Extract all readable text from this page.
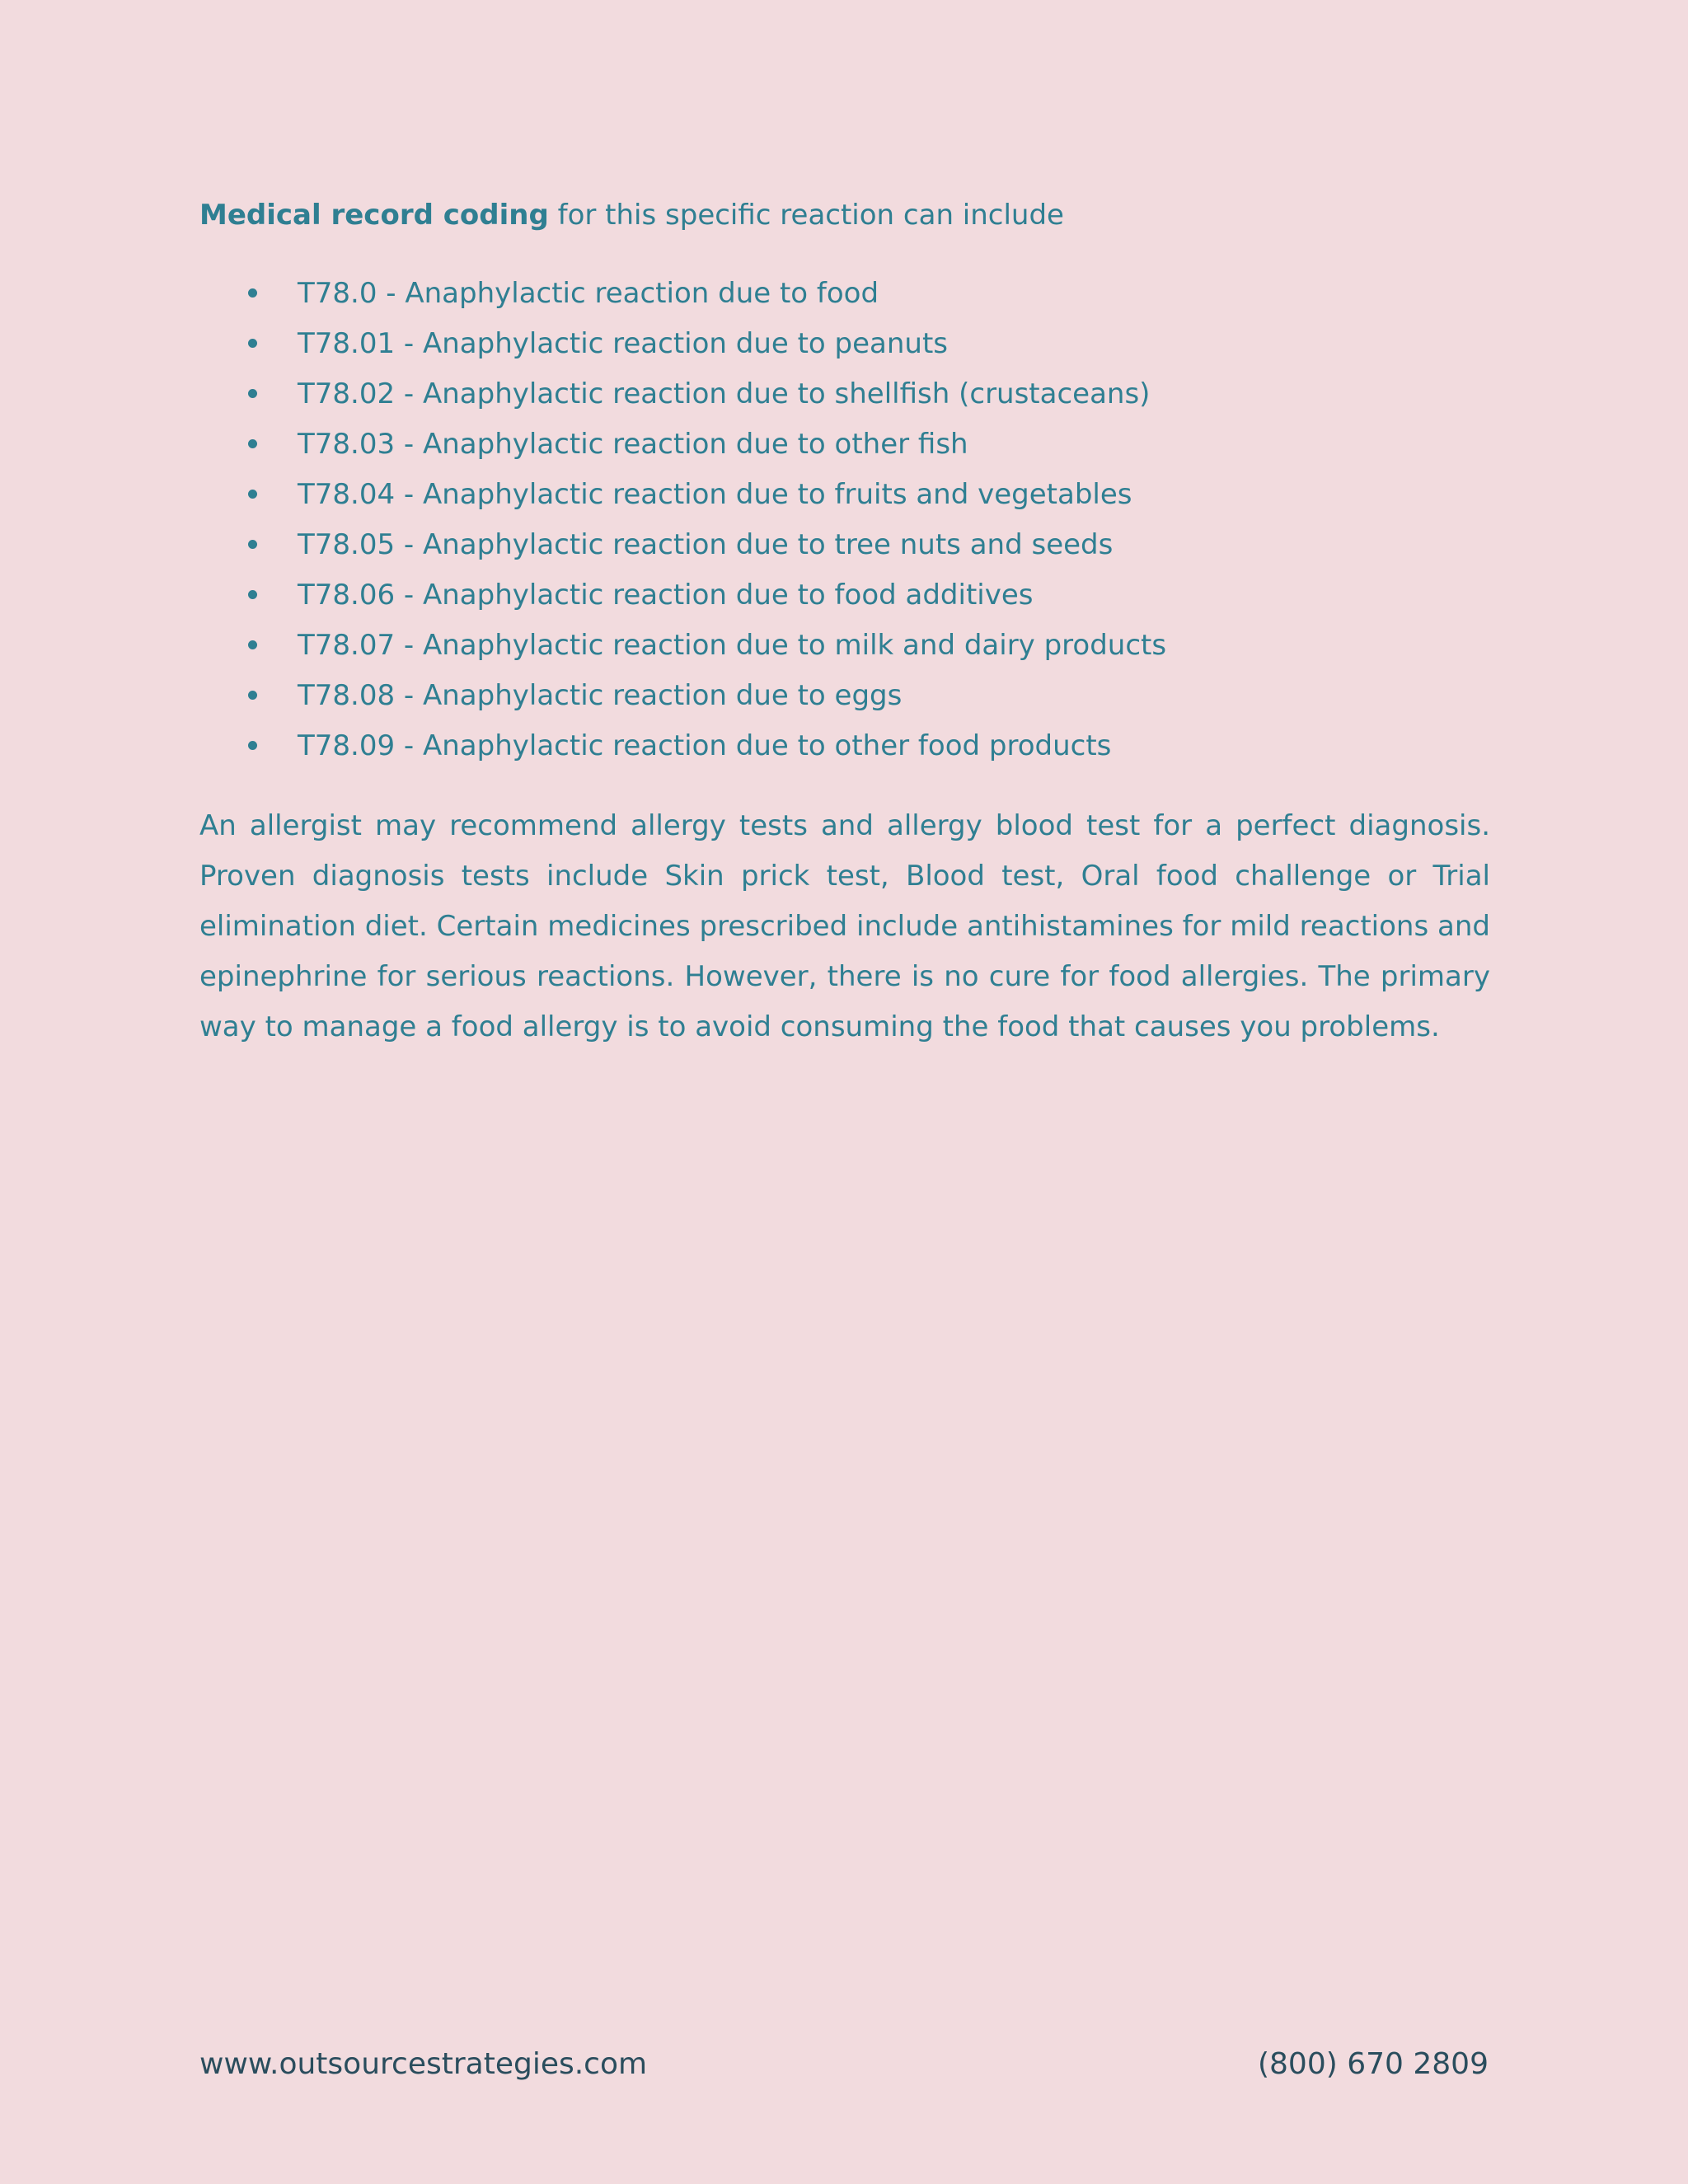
Medical record coding for this specific reaction can include

T78.0 - Anaphylactic reaction due to food
T78.01 - Anaphylactic reaction due to peanuts
T78.02 - Anaphylactic reaction due to shellfish (crustaceans)
T78.03 - Anaphylactic reaction due to other fish
T78.04 - Anaphylactic reaction due to fruits and vegetables
T78.05 - Anaphylactic reaction due to tree nuts and seeds
T78.06 - Anaphylactic reaction due to food additives
T78.07 - Anaphylactic reaction due to milk and dairy products
T78.08 - Anaphylactic reaction due to eggs
T78.09 - Anaphylactic reaction due to other food products

An allergist may recommend allergy tests and allergy blood test for a perfect diagnosis. Proven diagnosis tests include Skin prick test, Blood test, Oral food challenge or Trial elimination diet. Certain medicines prescribed include antihistamines for mild reactions and epinephrine for serious reactions. However, there is no cure for food allergies. The primary way to manage a food allergy is to avoid consuming the food that causes you problems.

www.outsourcestrategies.com	(800) 670 2809
